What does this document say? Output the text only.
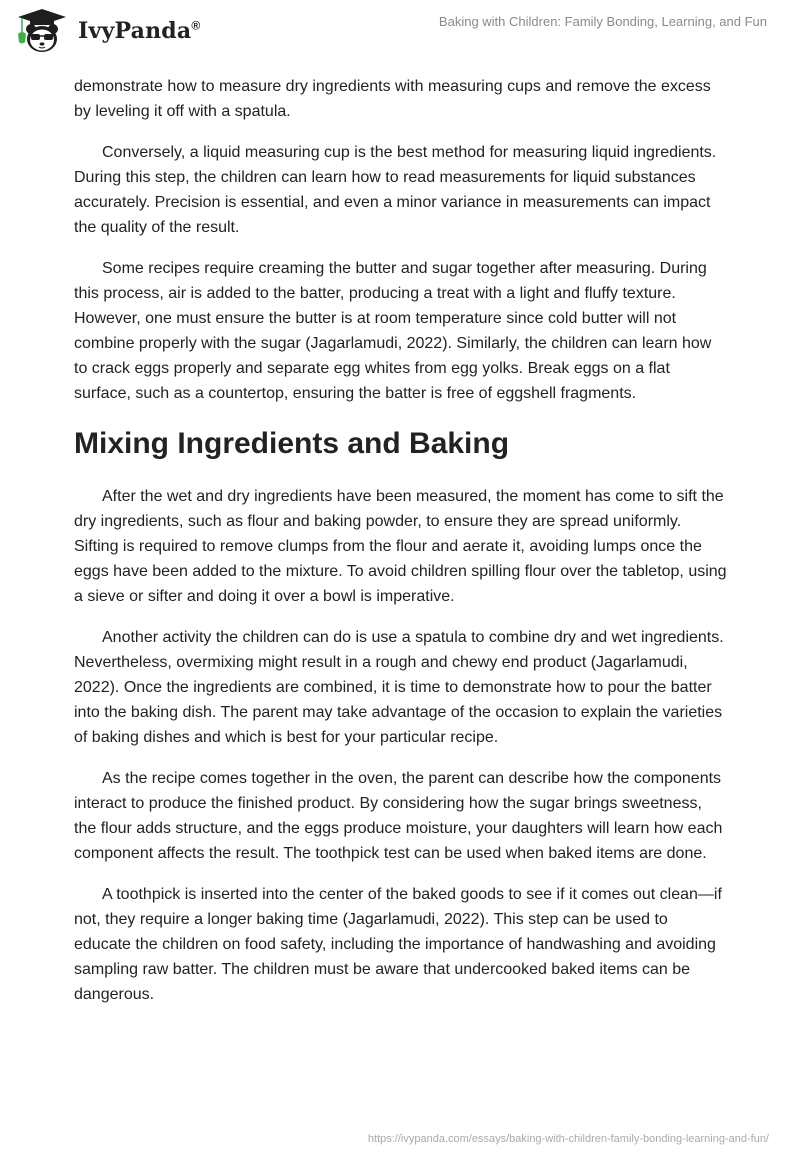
IvyPanda®	Baking with Children: Family Bonding, Learning, and Fun

demonstrate how to measure dry ingredients with measuring cups and remove the excess by leveling it off with a spatula.

Conversely, a liquid measuring cup is the best method for measuring liquid ingredients. During this step, the children can learn how to read measurements for liquid substances accurately. Precision is essential, and even a minor variance in measurements can impact the quality of the result.

Some recipes require creaming the butter and sugar together after measuring. During this process, air is added to the batter, producing a treat with a light and fluffy texture. However, one must ensure the butter is at room temperature since cold butter will not combine properly with the sugar (Jagarlamudi, 2022). Similarly, the children can learn how to crack eggs properly and separate egg whites from egg yolks. Break eggs on a flat surface, such as a countertop, ensuring the batter is free of eggshell fragments.

Mixing Ingredients and Baking

After the wet and dry ingredients have been measured, the moment has come to sift the dry ingredients, such as flour and baking powder, to ensure they are spread uniformly. Sifting is required to remove clumps from the flour and aerate it, avoiding lumps once the eggs have been added to the mixture. To avoid children spilling flour over the tabletop, using a sieve or sifter and doing it over a bowl is imperative.

Another activity the children can do is use a spatula to combine dry and wet ingredients. Nevertheless, overmixing might result in a rough and chewy end product (Jagarlamudi, 2022). Once the ingredients are combined, it is time to demonstrate how to pour the batter into the baking dish. The parent may take advantage of the occasion to explain the varieties of baking dishes and which is best for your particular recipe.

As the recipe comes together in the oven, the parent can describe how the components interact to produce the finished product. By considering how the sugar brings sweetness, the flour adds structure, and the eggs produce moisture, your daughters will learn how each component affects the result. The toothpick test can be used when baked items are done.

A toothpick is inserted into the center of the baked goods to see if it comes out clean—if not, they require a longer baking time (Jagarlamudi, 2022). This step can be used to educate the children on food safety, including the importance of handwashing and avoiding sampling raw batter. The children must be aware that undercooked baked items can be dangerous.

https://ivypanda.com/essays/baking-with-children-family-bonding-learning-and-fun/
